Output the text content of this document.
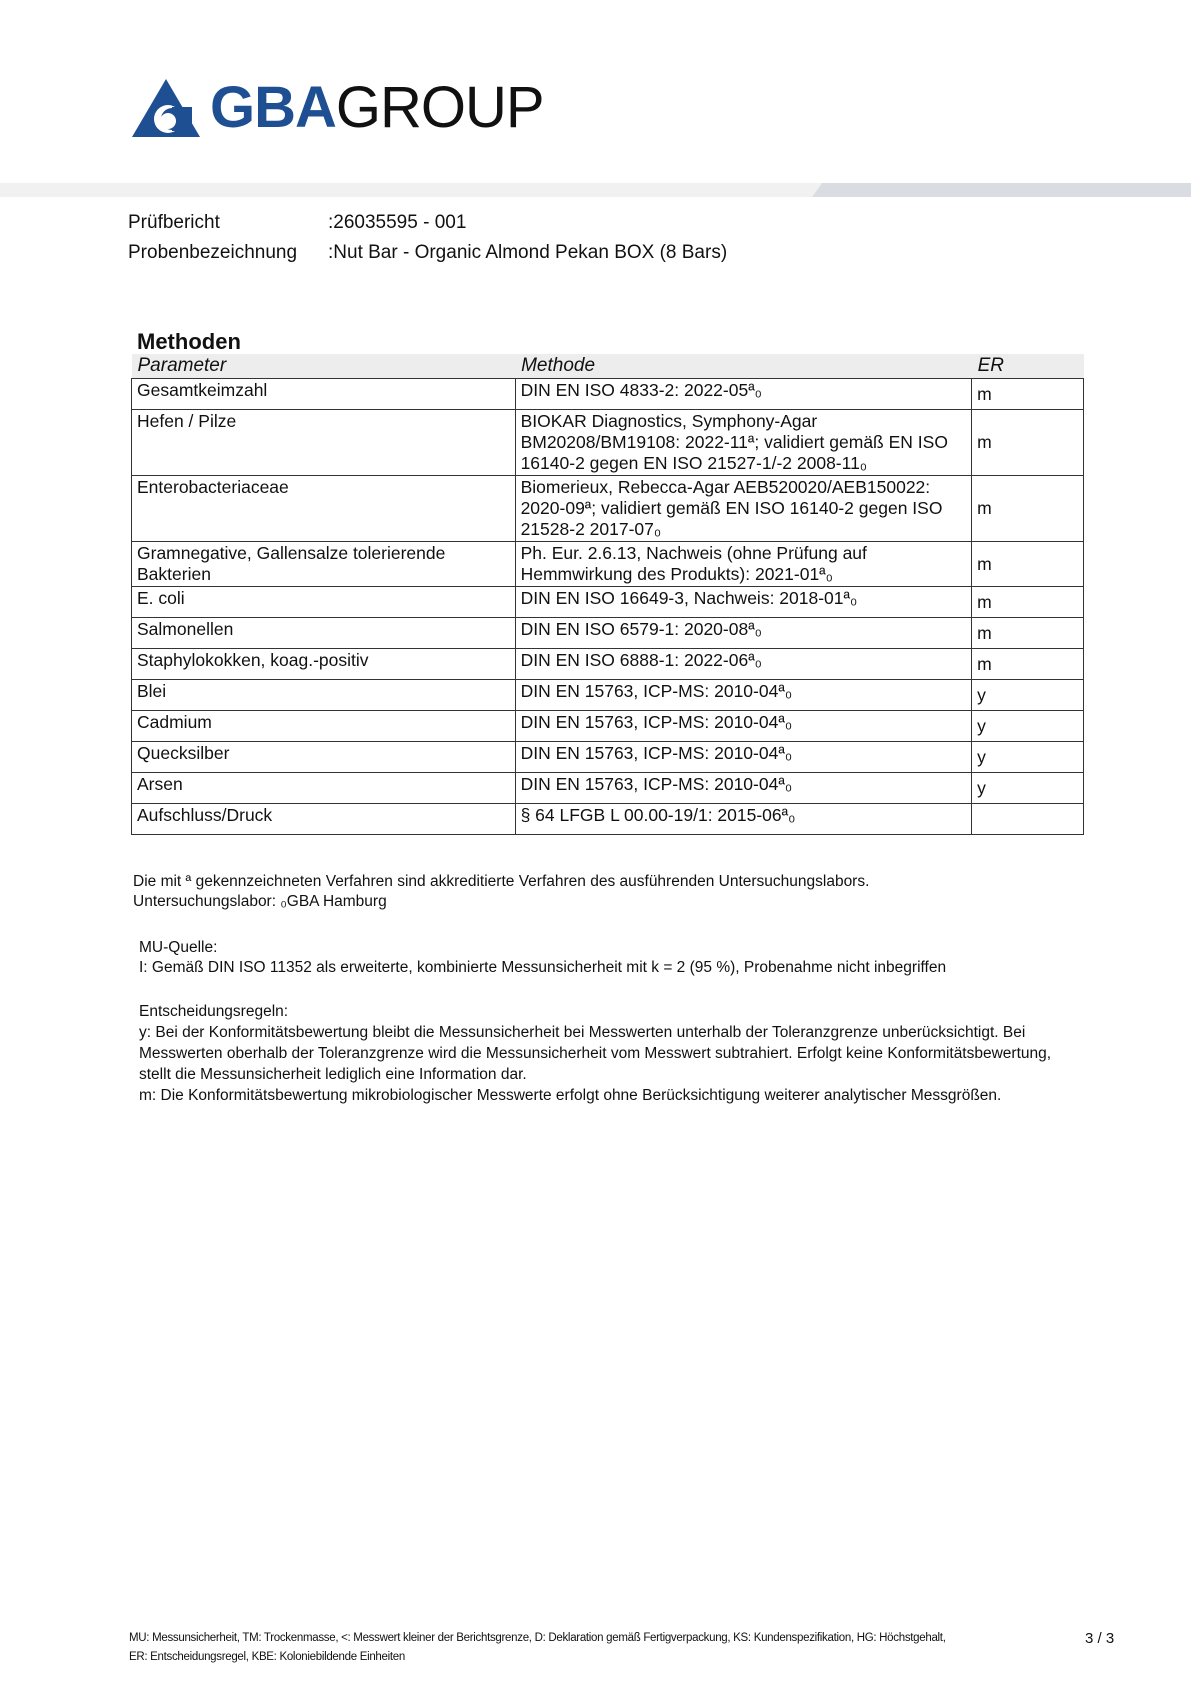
GBAGROUP
Prüfbericht	:26035595 - 001
Probenbezeichnung	:Nut Bar - Organic Almond Pekan BOX (8 Bars)
Methoden
Parameter	Methode	ER
Gesamtkeimzahl	DIN EN ISO 4833-2: 2022-05ª₀	m
Hefen / Pilze	BIOKAR Diagnostics, Symphony-Agar BM20208/BM19108: 2022-11ª; validiert gemäß EN ISO 16140-2 gegen EN ISO 21527-1/-2 2008-11₀	m
Enterobacteriaceae	Biomerieux, Rebecca-Agar AEB520020/AEB150022: 2020-09ª; validiert gemäß EN ISO 16140-2 gegen ISO 21528-2 2017-07₀	m
Gramnegative, Gallensalze tolerierende Bakterien	Ph. Eur. 2.6.13, Nachweis (ohne Prüfung auf Hemmwirkung des Produkts): 2021-01ª₀	m
E. coli	DIN EN ISO 16649-3, Nachweis: 2018-01ª₀	m
Salmonellen	DIN EN ISO 6579-1: 2020-08ª₀	m
Staphylokokken, koag.-positiv	DIN EN ISO 6888-1: 2022-06ª₀	m
Blei	DIN EN 15763, ICP-MS: 2010-04ª₀	y
Cadmium	DIN EN 15763, ICP-MS: 2010-04ª₀	y
Quecksilber	DIN EN 15763, ICP-MS: 2010-04ª₀	y
Arsen	DIN EN 15763, ICP-MS: 2010-04ª₀	y
Aufschluss/Druck	§ 64 LFGB L 00.00-19/1: 2015-06ª₀	
Die mit ª gekennzeichneten Verfahren sind akkreditierte Verfahren des ausführenden Untersuchungslabors.
Untersuchungslabor: ₀GBA Hamburg
MU-Quelle:
I: Gemäß DIN ISO 11352 als erweiterte, kombinierte Messunsicherheit mit k = 2 (95 %), Probenahme nicht inbegriffen
Entscheidungsregeln:
y: Bei der Konformitätsbewertung bleibt die Messunsicherheit bei Messwerten unterhalb der Toleranzgrenze unberücksichtigt. Bei Messwerten oberhalb der Toleranzgrenze wird die Messunsicherheit vom Messwert subtrahiert. Erfolgt keine Konformitätsbewertung, stellt die Messunsicherheit lediglich eine Information dar.
m: Die Konformitätsbewertung mikrobiologischer Messwerte erfolgt ohne Berücksichtigung weiterer analytischer Messgrößen.
MU: Messunsicherheit, TM: Trockenmasse, <: Messwert kleiner der Berichtsgrenze, D: Deklaration gemäß Fertigverpackung, KS: Kundenspezifikation, HG: Höchstgehalt,
ER: Entscheidungsregel, KBE: Koloniebildende Einheiten
3 / 3
